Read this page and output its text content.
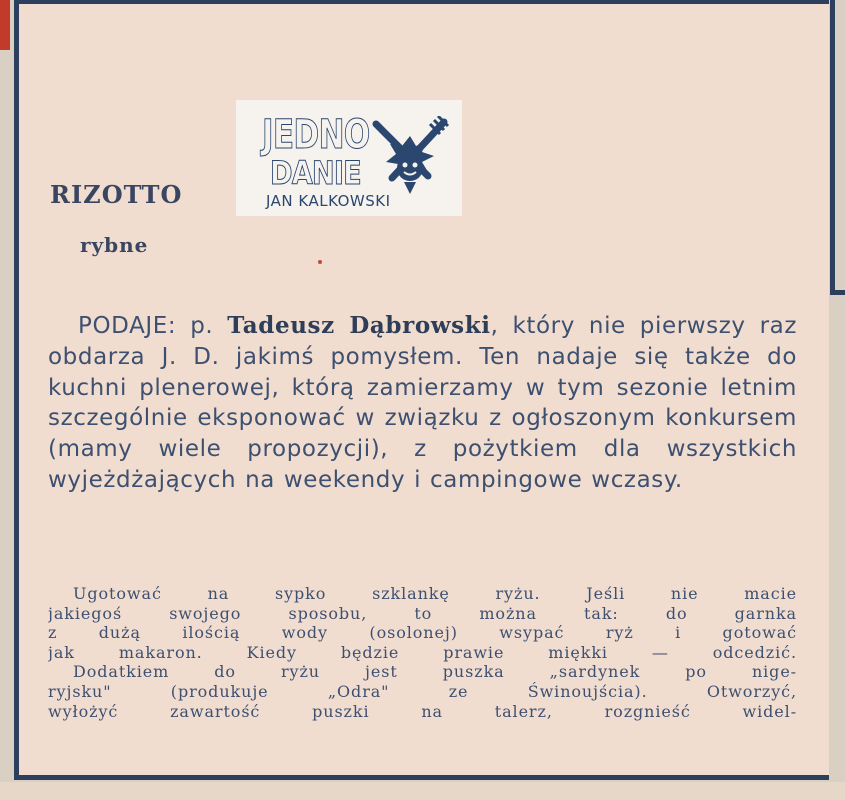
JEDNO
DANIE
JAN KALKOWSKI
RIZOTTO
rybne

PODAJE: p. Tadeusz Dąbrowski, który nie pierwszy raz obdarza J. D. jakimś pomysłem. Ten nadaje się także do kuchni plenerowej, którą zamierzamy w tym sezonie letnim szczególnie eksponować w związku z ogłoszonym konkursem (mamy wiele propozycji), z pożytkiem dla wszystkich wyjeżdżających na weekendy i campingowe wczasy.

Ugotować na sypko szklankę ryżu. Jeśli nie macie
jakiegoś swojego sposobu, to można tak: do garnka
z dużą ilością wody (osolonej) wsypać ryż i gotować
jak makaron. Kiedy będzie prawie miękki — odcedzić.
Dodatkiem do ryżu jest puszka „sardynek po nige-
ryjsku" (produkuje „Odra" ze Świnoujścia). Otworzyć,
wyłożyć zawartość puszki na talerz, rozgnieść widel-
